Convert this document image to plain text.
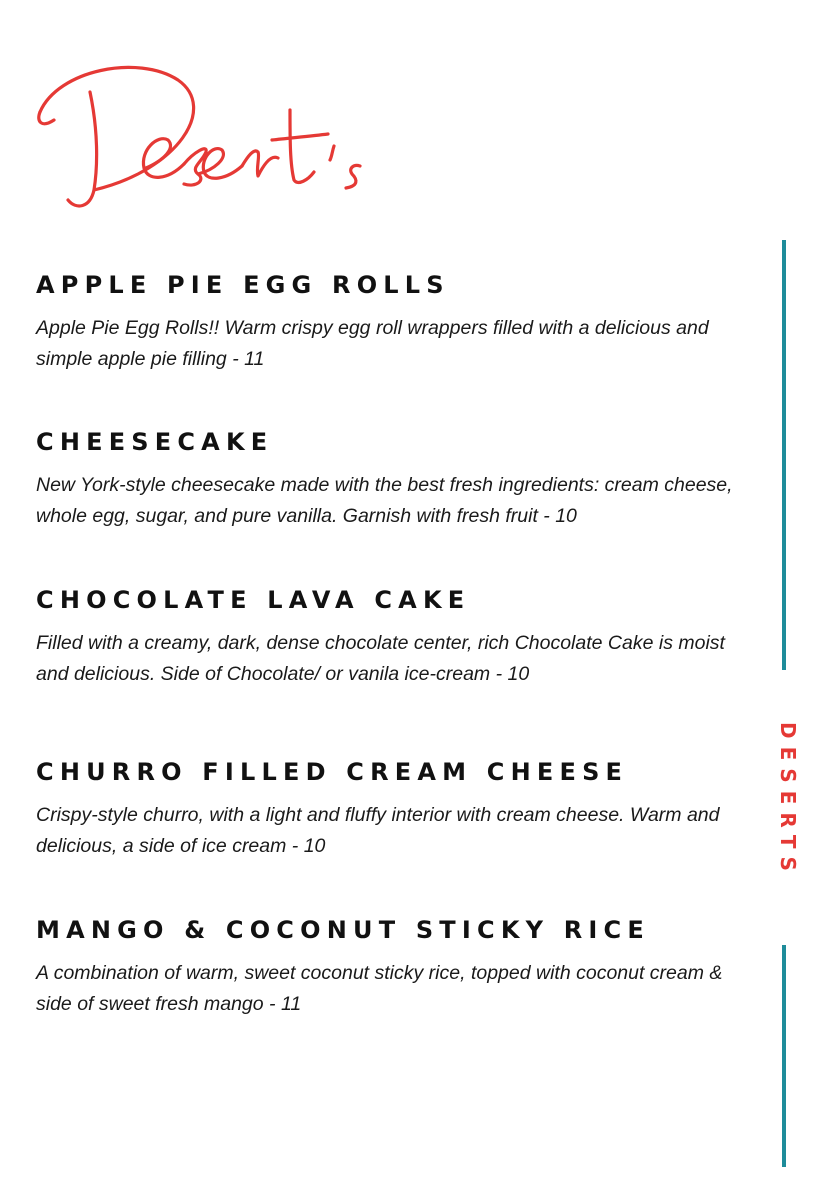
APPLE PIE EGG ROLLS

Apple Pie Egg Rolls!! Warm crispy egg roll wrappers filled with a delicious and simple apple pie filling - 11

CHEESECAKE

New York-style cheesecake made with the best fresh ingredients: cream cheese, whole egg, sugar, and pure vanilla. Garnish with fresh fruit - 10

CHOCOLATE LAVA CAKE

Filled with a creamy, dark, dense chocolate center, rich Chocolate Cake is moist and delicious. Side of Chocolate/ or vanila ice-cream - 10

CHURRO FILLED CREAM CHEESE

Crispy-style churro, with a light and fluffy interior with cream cheese. Warm and delicious, a side of ice cream - 10

MANGO & COCONUT STICKY RICE

A combination of warm, sweet coconut sticky rice, topped with coconut cream & side of sweet fresh mango - 11

DESERTS
